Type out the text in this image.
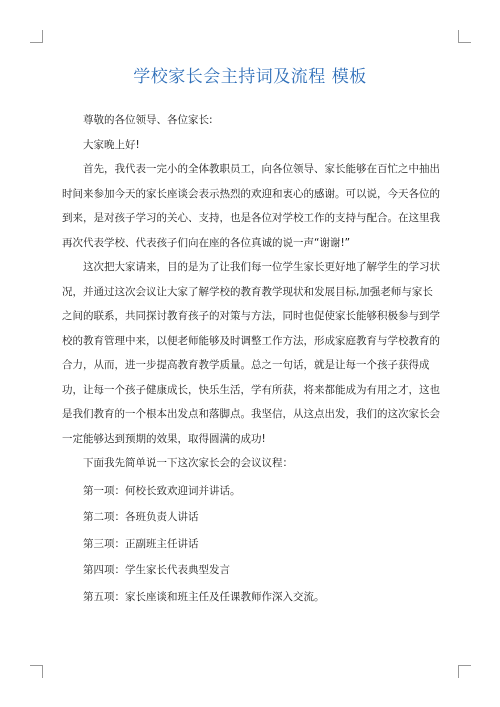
学校家长会主持词及流程 模板

尊敬的各位领导、各位家长:

大家晚上好!

首先，我代表一完小的全体教职员工，向各位领导、家长能够在百忙之中抽出时间来参加今天的家长座谈会表示热烈的欢迎和衷心的感谢。可以说，今天各位的到来，是对孩子学习的关心、支持，也是各位对学校工作的支持与配合。在这里我再次代表学校、代表孩子们向在座的各位真诚的说一声“谢谢!”

这次把大家请来，目的是为了让我们每一位学生家长更好地了解学生的学习状况，并通过这次会议让大家了解学校的教育教学现状和发展目标,加强老师与家长之间的联系，共同探讨教育孩子的对策与方法，同时也促使家长能够积极参与到学校的教育管理中来，以便老师能够及时调整工作方法，形成家庭教育与学校教育的合力，从而，进一步提高教育教学质量。总之一句话，就是让每一个孩子获得成功，让每一个孩子健康成长，快乐生活，学有所获，将来都能成为有用之才，这也是我们教育的一个根本出发点和落脚点。我坚信，从这点出发，我们的这次家长会一定能够达到预期的效果，取得圆满的成功!

下面我先简单说一下这次家长会的会议议程：

第一项：何校长致欢迎词并讲话。

第二项：各班负责人讲话

第三项：正副班主任讲话

第四项：学生家长代表典型发言

第五项：家长座谈和班主任及任课教师作深入交流。
